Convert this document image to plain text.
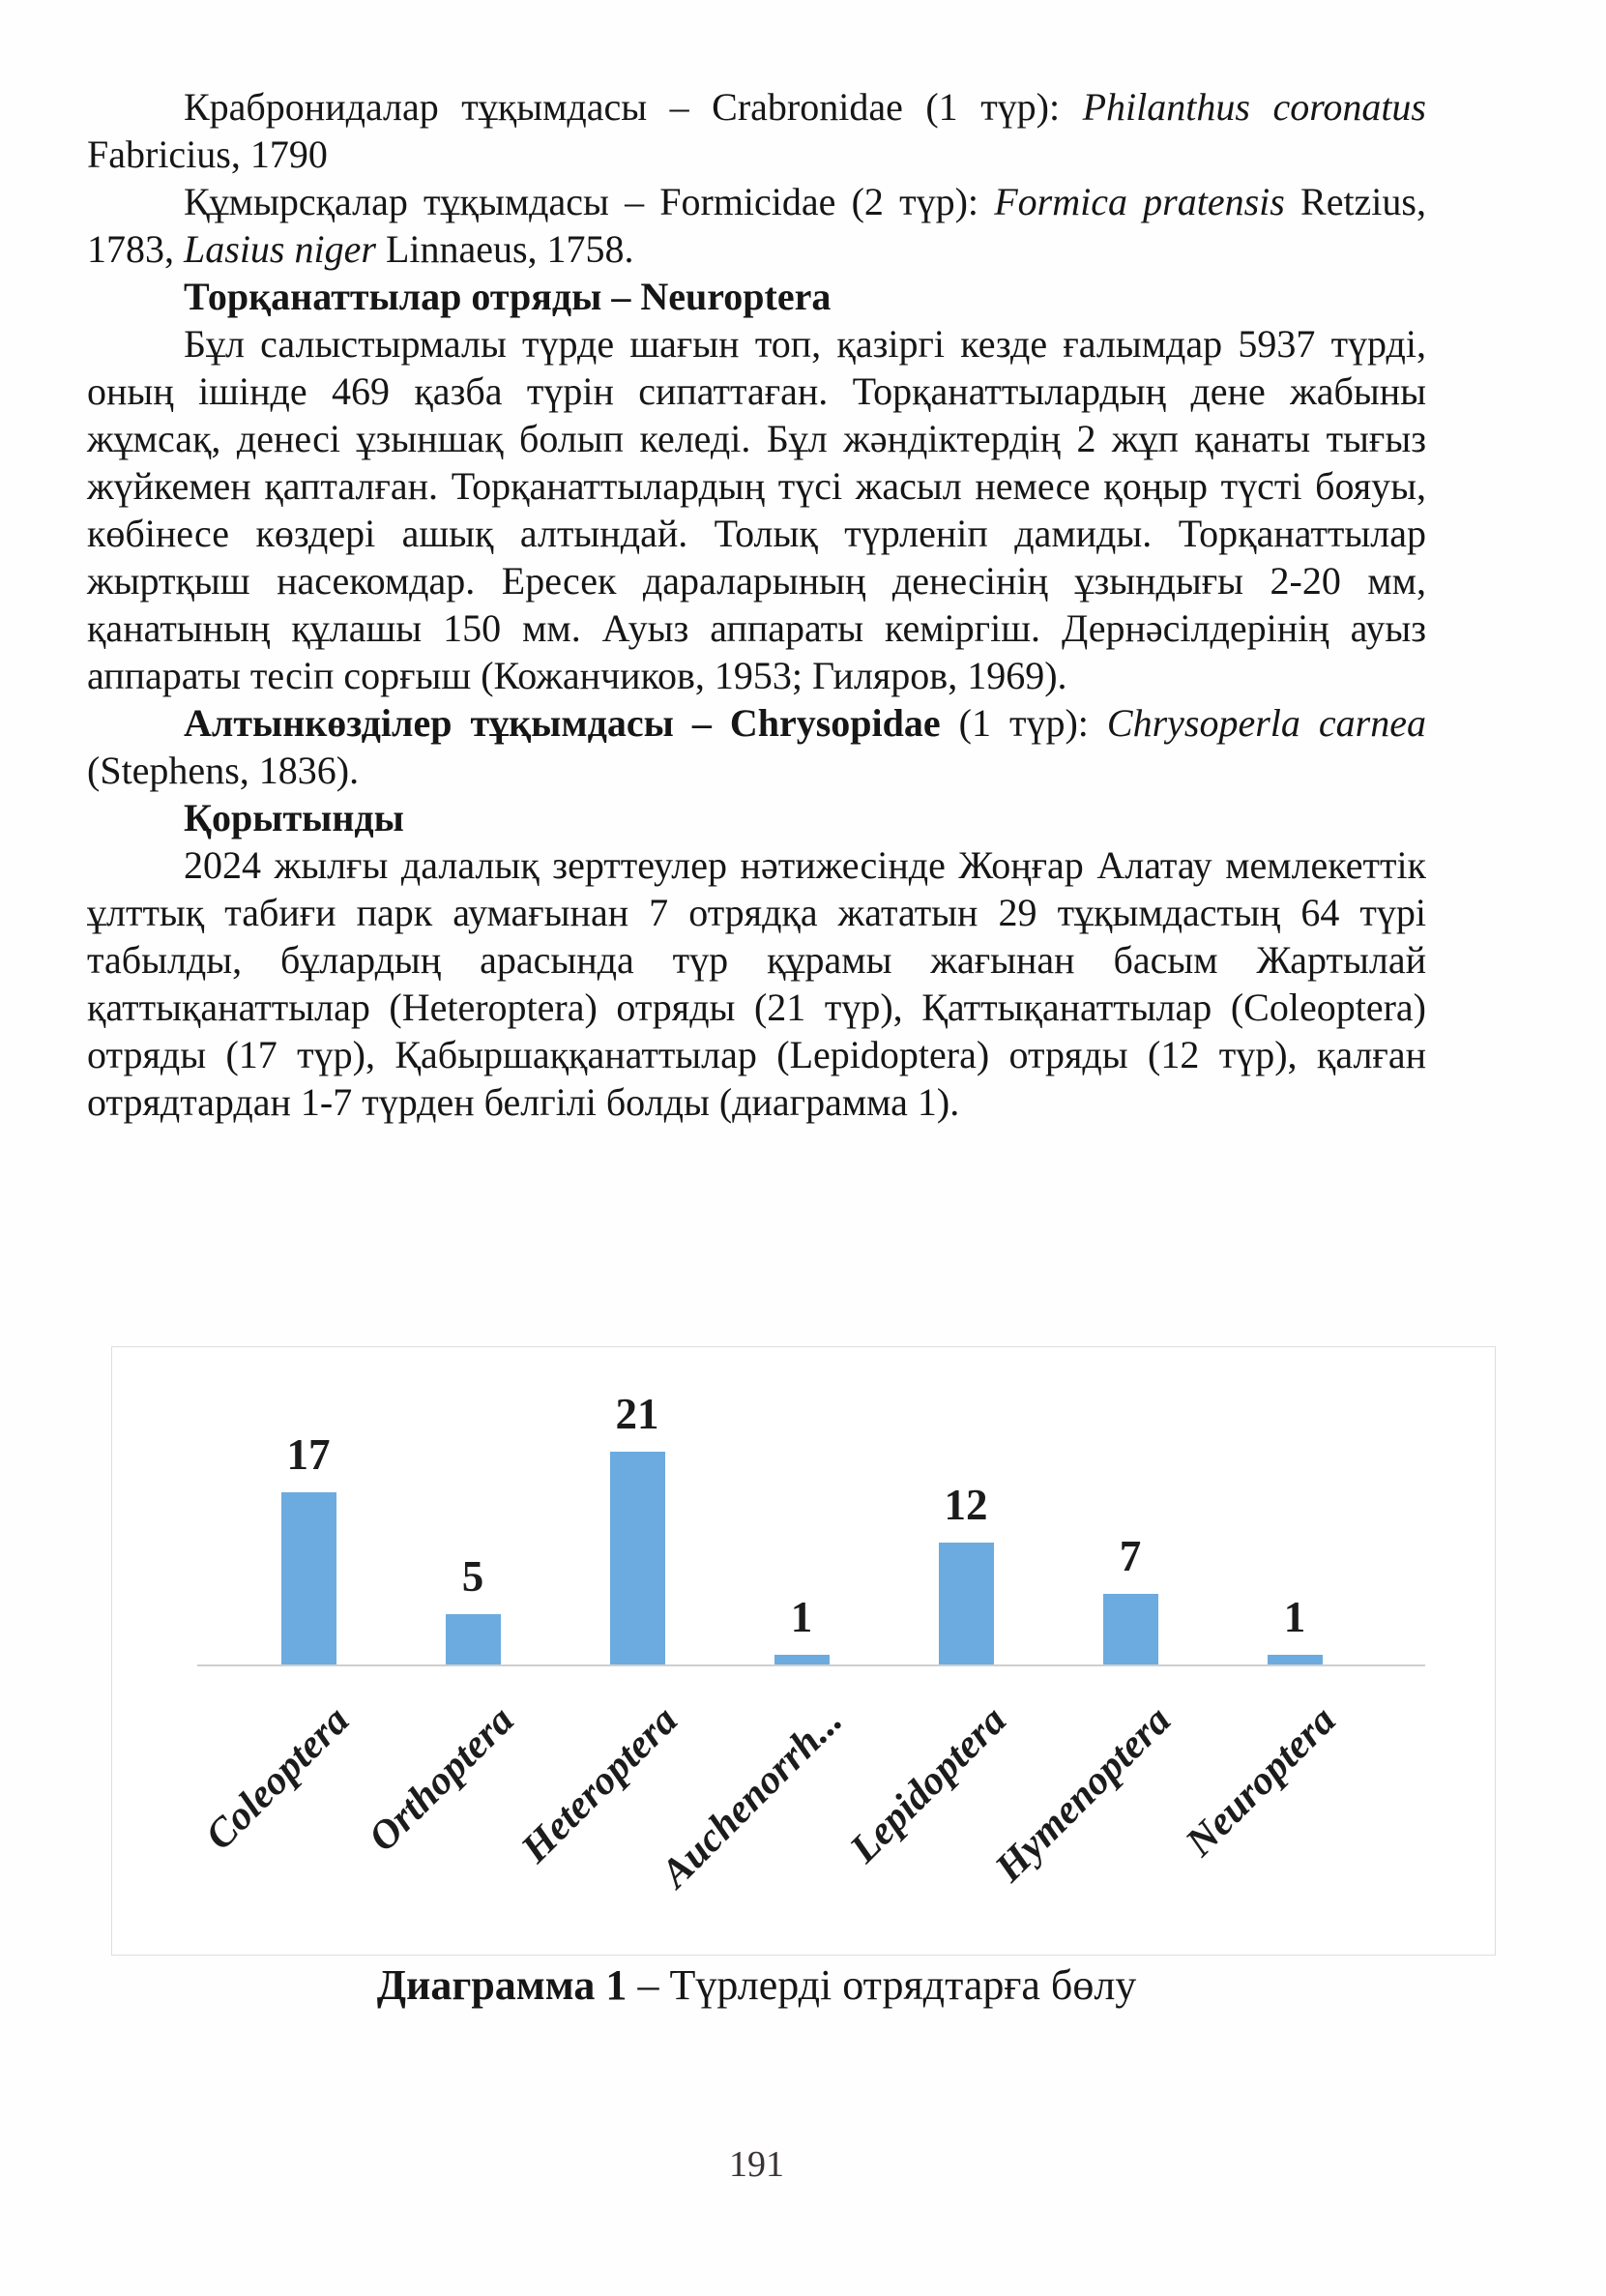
Крабронидалар тұқымдасы – Crabronidae (1 түр): Philanthus coronatus Fabricius, 1790

Құмырсқалар тұқымдасы – Formicidae (2 түр): Formica pratensis Retzius, 1783, Lasius niger Linnaeus, 1758.

Торқанаттылар отряды – Neuroptera

Бұл салыстырмалы түрде шағын топ, қазіргі кезде ғалымдар 5937 түрді, оның ішінде 469 қазба түрін сипаттаған. Торқанаттылардың дене жабыны жұмсақ, денесі ұзыншақ болып келеді. Бұл жәндіктердің 2 жұп қанаты тығыз жүйкемен қапталған. Торқанаттылардың түсі жасыл немесе қоңыр түсті бояуы, көбінесе көздері ашық алтындай. Толық түрленіп дамиды. Торқанаттылар жыртқыш насекомдар. Ересек дараларының денесінің ұзындығы 2-20 мм, қанатының құлашы 150 мм. Ауыз аппараты кеміргіш. Дернәсілдерінің ауыз аппараты тесіп сорғыш (Кожанчиков, 1953; Гиляров, 1969).

Алтынкөзділер тұқымдасы – Chrysopidae (1 түр): Chrysoperla carnea (Stephens, 1836).

Қорытынды

2024 жылғы далалық зерттеулер нәтижесінде Жоңғар Алатау мемлекеттік ұлттық табиғи парк аумағынан 7 отрядқа жататын 29 тұқымдастың 64 түрі табылды, бұлардың арасында түр құрамы жағынан басым Жартылай қаттықанаттылар (Heteroptera) отряды (21 түр), Қаттықанаттылар (Coleoptera) отряды (17 түр), Қабыршаққанаттылар (Lepidoptera) отряды (12 түр), қалған отрядтардан 1-7 түрден белгілі болды (диаграмма 1).

17
5
21
1
12
7
1
Coleoptera Orthoptera
Heteroptera
Auchenorrh...
Lepidoptera
Hymenoptera
Neuroptera
Диаграмма 1 – Түрлерді отрядтарға бөлу
191
